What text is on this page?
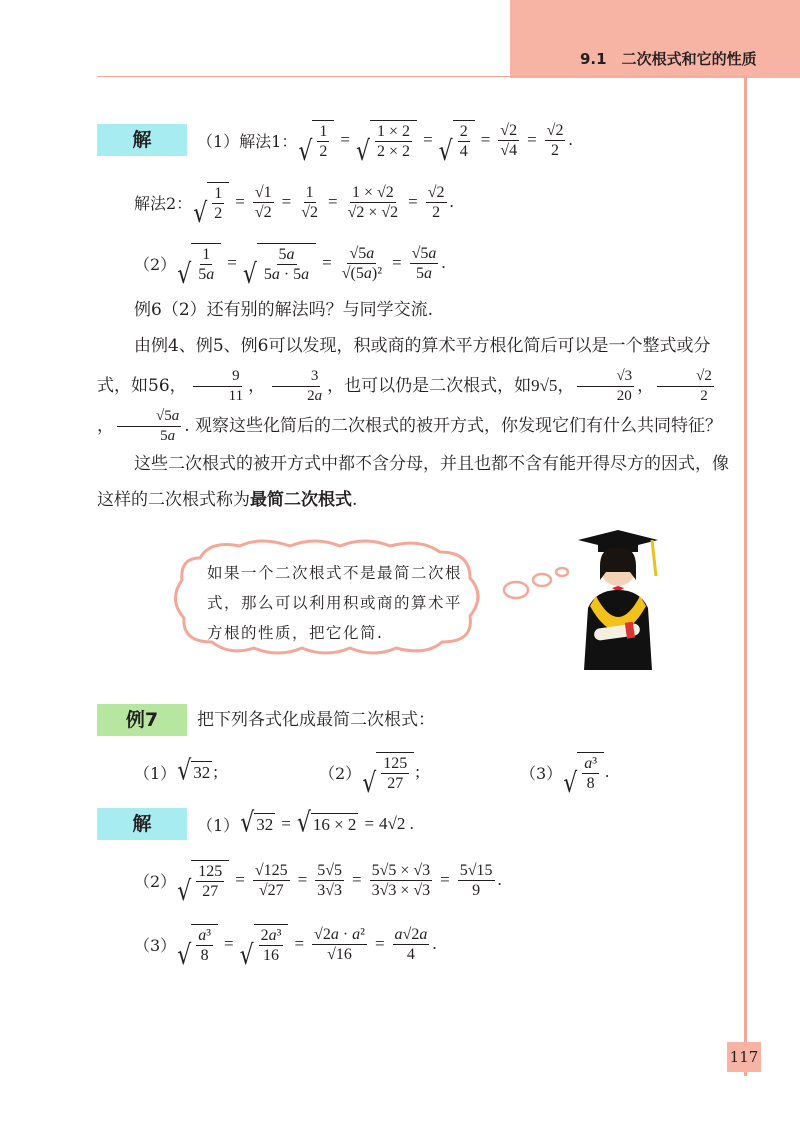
9.1　二次根式和它的性质
解	（1）解法1： √ $\frac{1}{2}$ = √ $\frac{1 \times 2}{2 \times 2}$ = √ $\frac{2}{4} = \frac{√2}{√4} = \frac{√2}{2}$ .
解法2： √ $\frac{1}{2} = \frac{√1}{√2} = \frac{1}{√2} = \frac{1 \times √2}{√2 \times √2} = \frac{√2}{2}$ .
（2） √ $\frac{1}{5a}$ = √ $\frac{5a}{5a \cdot 5a} = \frac{√5a}{\text{√(5a)²}} = \frac{√5a}{5a}$ .
例6（2）还有别的解法吗？与同学交流.
由例4、例5、例6可以发现，积或商的算术平方根化简后可以是一个整式或分式，如56， $\frac{9}{11}$ ， $\frac{3}{2a}$ ，也可以仍是二次根式，如9√5， $\frac{√3}{20}$ ， $\frac{√2}{2}$
， $\frac{√5a}{5a}$ . 观察这些化简后的二次根式的被开方式，你发现它们有什么共同特征？
这些二次根式的被开方式中都不含分母，并且也都不含有能开得尽方的因式，像这样的二次根式称为最简二次根式.
如果一个二次根式不是最简二次根式，那么可以利用积或商的算术平方根的性质，把它化简.
例7	把下列各式化成最简二次根式：
（1） √ 32 ;	（2） √ $\frac{125}{27}$ ;	（3） √ $\frac{\text{a³}}{8}$ .
解	（1） √ 32 = √ 16 × 2 = 4√2 .
（2） √ $\frac{125}{27} = \frac{√125}{√27} = \frac{5√5}{3√3} = \frac{5√5 \times √3}{3√3 \times √3} = \frac{5√15}{9}$ .
（3） √ $\frac{\text{a³}}{8}$ = √ $\frac{\text{2a³}}{16} = \frac{\text{√2a · a²}}{√16} = \frac{a√2a}{4}$ .
117
